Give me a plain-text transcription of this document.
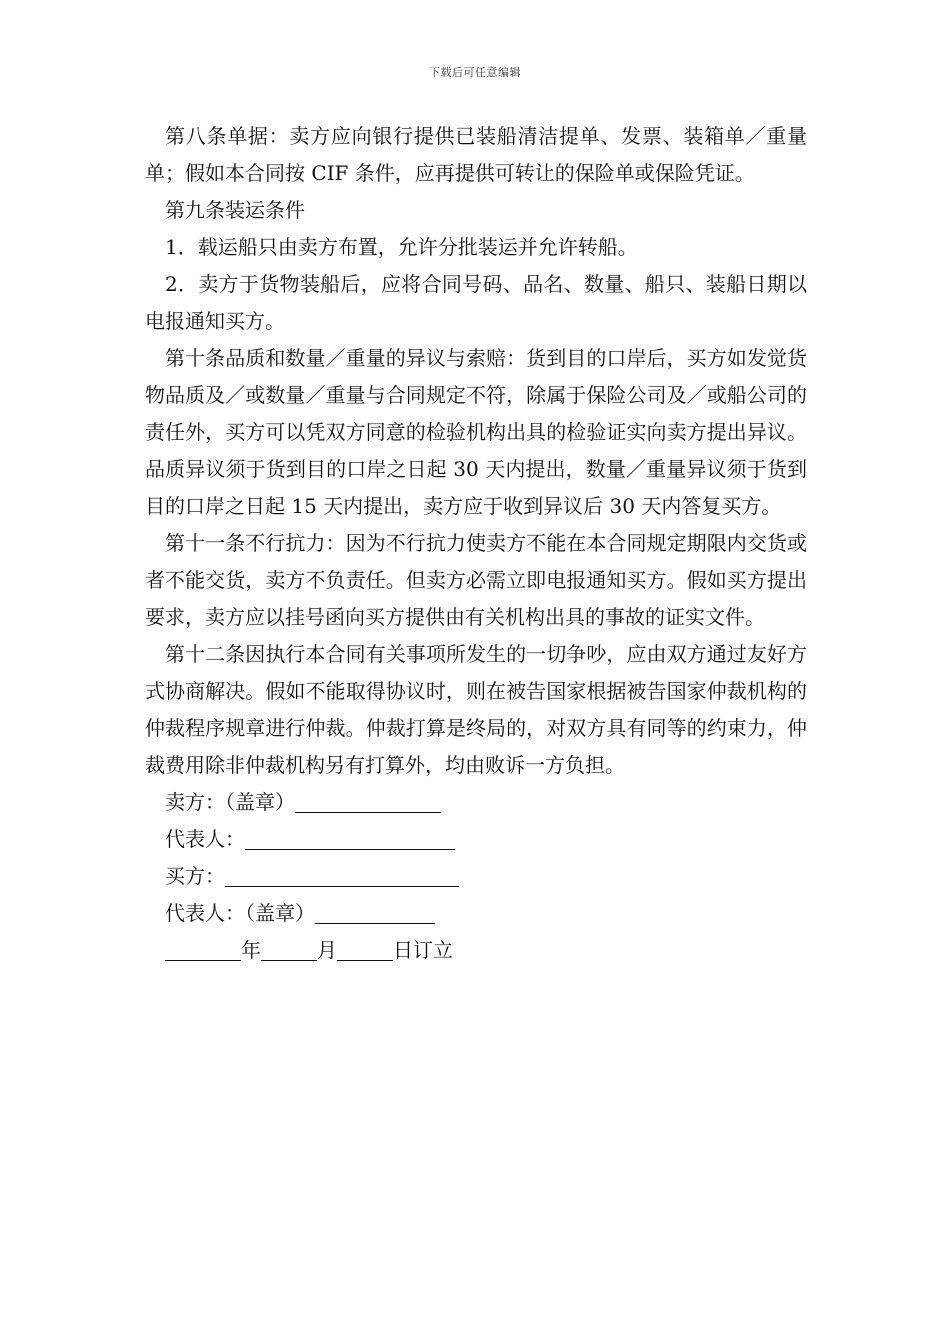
下载后可任意编辑

第八条单据：卖方应向银行提供已装船清洁提单、发票、装箱单／重量单；假如本合同按 CIF 条件，应再提供可转让的保险单或保险凭证。

第九条装运条件

1．载运船只由卖方布置，允许分批装运并允许转船。

2．卖方于货物装船后，应将合同号码、品名、数量、船只、装船日期以电报通知买方。

第十条品质和数量／重量的异议与索赔：货到目的口岸后，买方如发觉货物品质及／或数量／重量与合同规定不符，除属于保险公司及／或船公司的责任外，买方可以凭双方同意的检验机构出具的检验证实向卖方提出异议。品质异议须于货到目的口岸之日起 30 天内提出，数量／重量异议须于货到目的口岸之日起 15 天内提出，卖方应于收到异议后 30 天内答复买方。

第十一条不行抗力：因为不行抗力使卖方不能在本合同规定期限内交货或者不能交货，卖方不负责任。但卖方必需立即电报通知买方。假如买方提出要求，卖方应以挂号函向买方提供由有关机构出具的事故的证实文件。

第十二条因执行本合同有关事项所发生的一切争吵，应由双方通过友好方式协商解决。假如不能取得协议时，则在被告国家根据被告国家仲裁机构的仲裁程序规章进行仲裁。仲裁打算是终局的，对双方具有同等的约束力，仲裁费用除非仲裁机构另有打算外，均由败诉一方负担。

卖方：（盖章）
代表人：
买方：
代表人：（盖章）
年	月	日订立
